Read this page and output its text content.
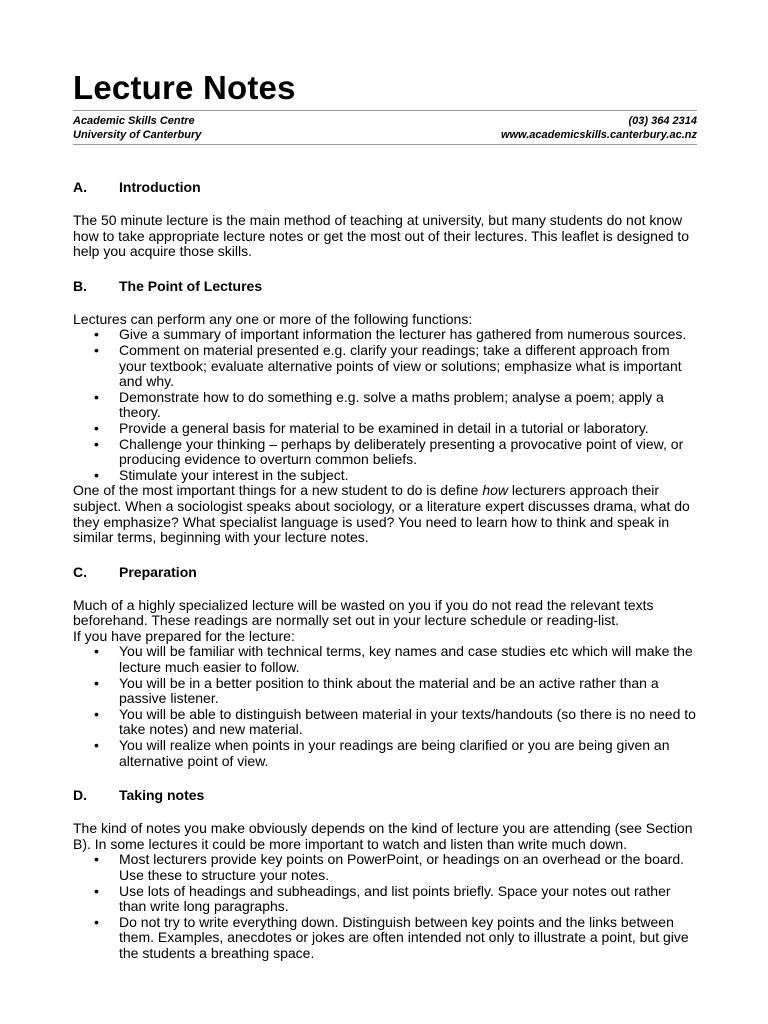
Lecture Notes
Academic Skills Centre
University of Canterbury
(03) 364 2314
www.academicskills.canterbury.ac.nz
A.	Introduction

The 50 minute lecture is the main method of teaching at university, but many students do not know how to take appropriate lecture notes or get the most out of their lectures. This leaflet is designed to help you acquire those skills.

B.	The Point of Lectures

Lectures can perform any one or more of the following functions:

• Give a summary of important information the lecturer has gathered from numerous sources.
• Comment on material presented e.g. clarify your readings; take a different approach from your textbook; evaluate alternative points of view or solutions; emphasize what is important and why.
• Demonstrate how to do something e.g. solve a maths problem; analyse a poem; apply a theory.
• Provide a general basis for material to be examined in detail in a tutorial or laboratory.
• Challenge your thinking – perhaps by deliberately presenting a provocative point of view, or producing evidence to overturn common beliefs.
• Stimulate your interest in the subject.

One of the most important things for a new student to do is define how lecturers approach their subject. When a sociologist speaks about sociology, or a literature expert discusses drama, what do they emphasize? What specialist language is used? You need to learn how to think and speak in similar terms, beginning with your lecture notes.

C.	Preparation

Much of a highly specialized lecture will be wasted on you if you do not read the relevant texts beforehand. These readings are normally set out in your lecture schedule or reading-list.

If you have prepared for the lecture:

• You will be familiar with technical terms, key names and case studies etc which will make the lecture much easier to follow.
• You will be in a better position to think about the material and be an active rather than a passive listener.
• You will be able to distinguish between material in your texts/handouts (so there is no need to take notes) and new material.
• You will realize when points in your readings are being clarified or you are being given an alternative point of view.
D.	Taking notes

The kind of notes you make obviously depends on the kind of lecture you are attending (see Section B). In some lectures it could be more important to watch and listen than write much down.

• Most lecturers provide key points on PowerPoint, or headings on an overhead or the board. Use these to structure your notes.
• Use lots of headings and subheadings, and list points briefly. Space your notes out rather than write long paragraphs.
• Do not try to write everything down. Distinguish between key points and the links between them. Examples, anecdotes or jokes are often intended not only to illustrate a point, but give the students a breathing space.
